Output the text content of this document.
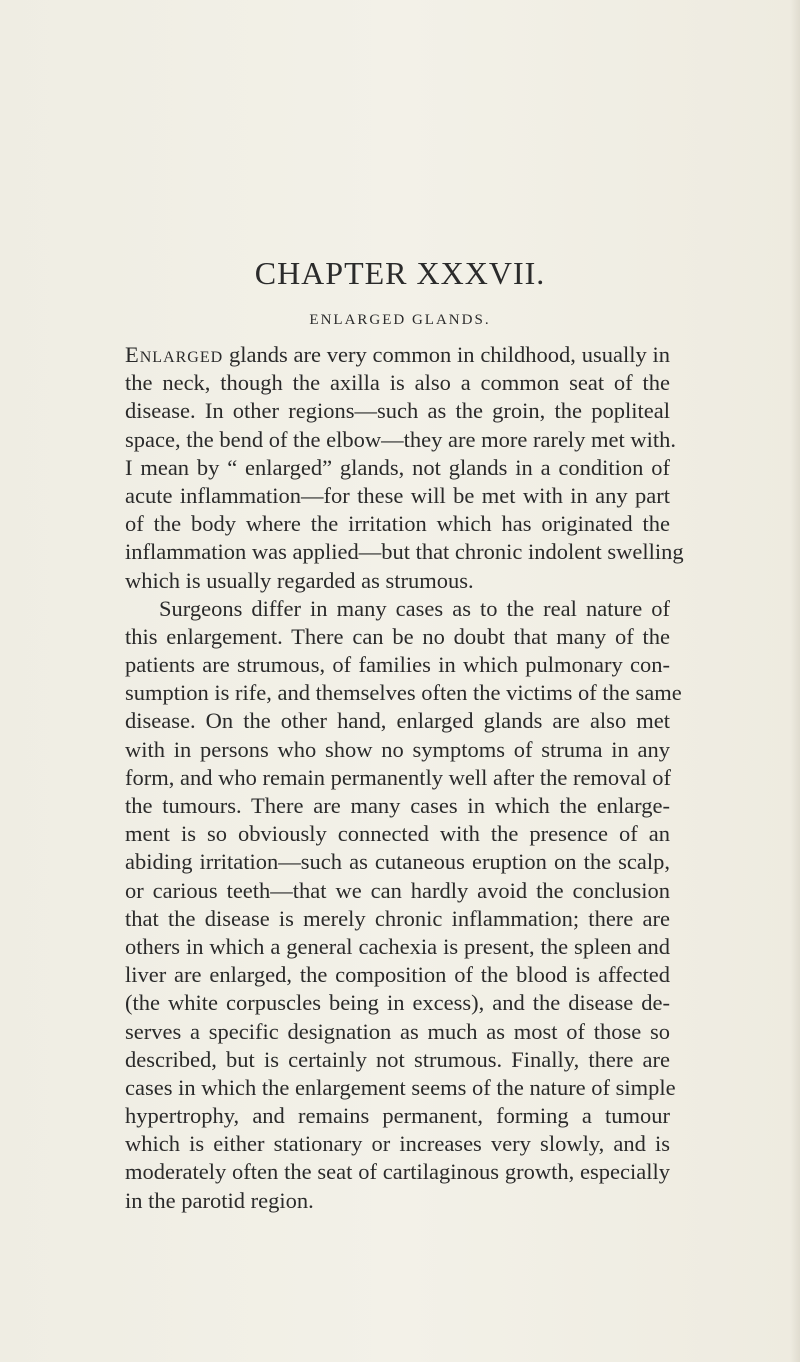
CHAPTER XXXVII.
ENLARGED GLANDS.
Enlarged glands are very common in childhood, usually in
the neck, though the axilla is also a common seat of the
disease. In other regions—such as the groin, the popliteal
space, the bend of the elbow—they are more rarely met with.
I mean by “ enlarged” glands, not glands in a condition of
acute inflammation—for these will be met with in any part
of the body where the irritation which has originated the
inflammation was applied—but that chronic indolent swelling
which is usually regarded as strumous.
Surgeons differ in many cases as to the real nature of
this enlargement. There can be no doubt that many of the
patients are strumous, of families in which pulmonary con-
sumption is rife, and themselves often the victims of the same
disease. On the other hand, enlarged glands are also met
with in persons who show no symptoms of struma in any
form, and who remain permanently well after the removal of
the tumours. There are many cases in which the enlarge-
ment is so obviously connected with the presence of an
abiding irritation—such as cutaneous eruption on the scalp,
or carious teeth—that we can hardly avoid the conclusion
that the disease is merely chronic inflammation; there are
others in which a general cachexia is present, the spleen and
liver are enlarged, the composition of the blood is affected
(the white corpuscles being in excess), and the disease de-
serves a specific designation as much as most of those so
described, but is certainly not strumous. Finally, there are
cases in which the enlargement seems of the nature of simple
hypertrophy, and remains permanent, forming a tumour
which is either stationary or increases very slowly, and is
moderately often the seat of cartilaginous growth, especially
in the parotid region.
